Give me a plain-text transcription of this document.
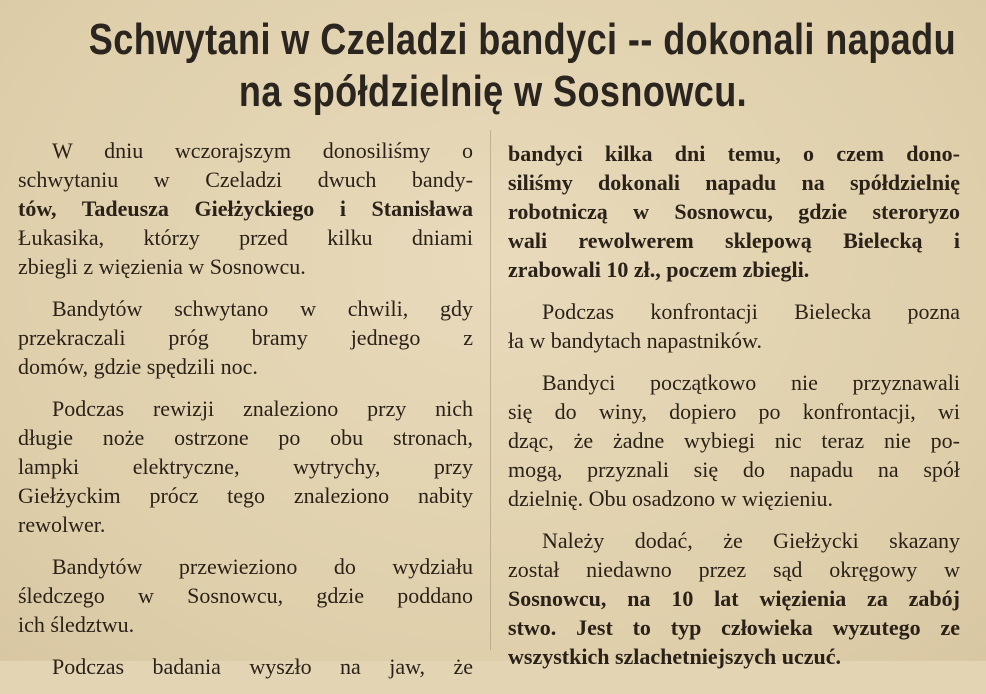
Schwytani w Czeladzi bandyci -- dokonali napadu
na spółdzielnię w Sosnowcu.

W dniu wczorajszym donosiliśmy o
schwytaniu w Czeladzi dwuch bandy-
tów, Tadeusza Giełżyckiego i Stanisława
Łukasika, którzy przed kilku dniami
zbiegli z więzienia w Sosnowcu.

Bandytów schwytano w chwili, gdy
przekraczali próg bramy jednego z
domów, gdzie spędzili noc.

Podczas rewizji znaleziono przy nich
długie noże ostrzone po obu stronach,
lampki elektryczne, wytrychy, przy
Giełżyckim prócz tego znaleziono nabity
rewolwer.

Bandytów przewieziono do wydziału
śledczego w Sosnowcu, gdzie poddano
ich śledztwu.

Podczas badania wyszło na jaw, że

bandyci kilka dni temu, o czem dono-
siliśmy dokonali napadu na spółdzielnię
robotniczą w Sosnowcu, gdzie steroryzo
wali rewolwerem sklepową Bielecką i
zrabowali 10 zł., poczem zbiegli.

Podczas konfrontacji Bielecka pozna
ła w bandytach napastników.

Bandyci początkowo nie przyznawali
się do winy, dopiero po konfrontacji, wi
dząc, że żadne wybiegi nic teraz nie po-
mogą, przyznali się do napadu na spół
dzielnię. Obu osadzono w więzieniu.

Należy dodać, że Giełżycki skazany
został niedawno przez sąd okręgowy w
Sosnowcu, na 10 lat więzienia za zabój
stwo. Jest to typ człowieka wyzutego ze
wszystkich szlachetniejszych uczuć.
